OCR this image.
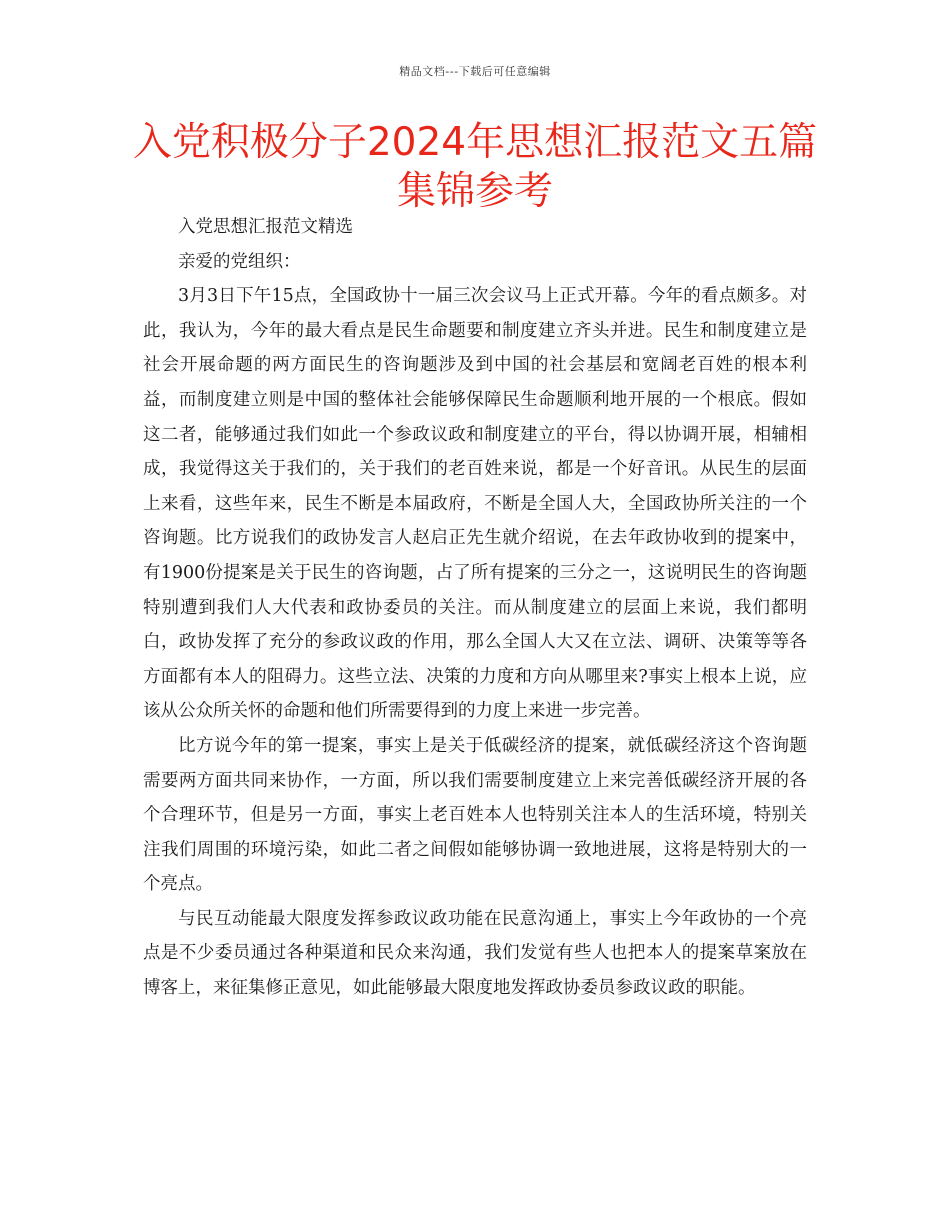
精品文档---下载后可任意编辑
入党积极分子2024年思想汇报范文五篇集锦参考

入党思想汇报范文精选

亲爱的党组织：

3月3日下午15点，全国政协十一届三次会议马上正式开幕。今年的看点颇多。对此，我认为，今年的最大看点是民生命题要和制度建立齐头并进。民生和制度建立是社会开展命题的两方面民生的咨询题涉及到中国的社会基层和宽阔老百姓的根本利益，而制度建立则是中国的整体社会能够保障民生命题顺利地开展的一个根底。假如这二者，能够通过我们如此一个参政议政和制度建立的平台，得以协调开展，相辅相成，我觉得这关于我们的，关于我们的老百姓来说，都是一个好音讯。从民生的层面上来看，这些年来，民生不断是本届政府，不断是全国人大，全国政协所关注的一个咨询题。比方说我们的政协发言人赵启正先生就介绍说，在去年政协收到的提案中，有1900份提案是关于民生的咨询题，占了所有提案的三分之一，这说明民生的咨询题特别遭到我们人大代表和政协委员的关注。而从制度建立的层面上来说，我们都明白，政协发挥了充分的参政议政的作用，那么全国人大又在立法、调研、决策等等各方面都有本人的阻碍力。这些立法、决策的力度和方向从哪里来?事实上根本上说，应该从公众所关怀的命题和他们所需要得到的力度上来进一步完善。

比方说今年的第一提案，事实上是关于低碳经济的提案，就低碳经济这个咨询题需要两方面共同来协作，一方面，所以我们需要制度建立上来完善低碳经济开展的各个合理环节，但是另一方面，事实上老百姓本人也特别关注本人的生活环境，特别关注我们周围的环境污染，如此二者之间假如能够协调一致地进展，这将是特别大的一个亮点。

与民互动能最大限度发挥参政议政功能在民意沟通上，事实上今年政协的一个亮点是不少委员通过各种渠道和民众来沟通，我们发觉有些人也把本人的提案草案放在博客上，来征集修正意见，如此能够最大限度地发挥政协委员参政议政的职能。
